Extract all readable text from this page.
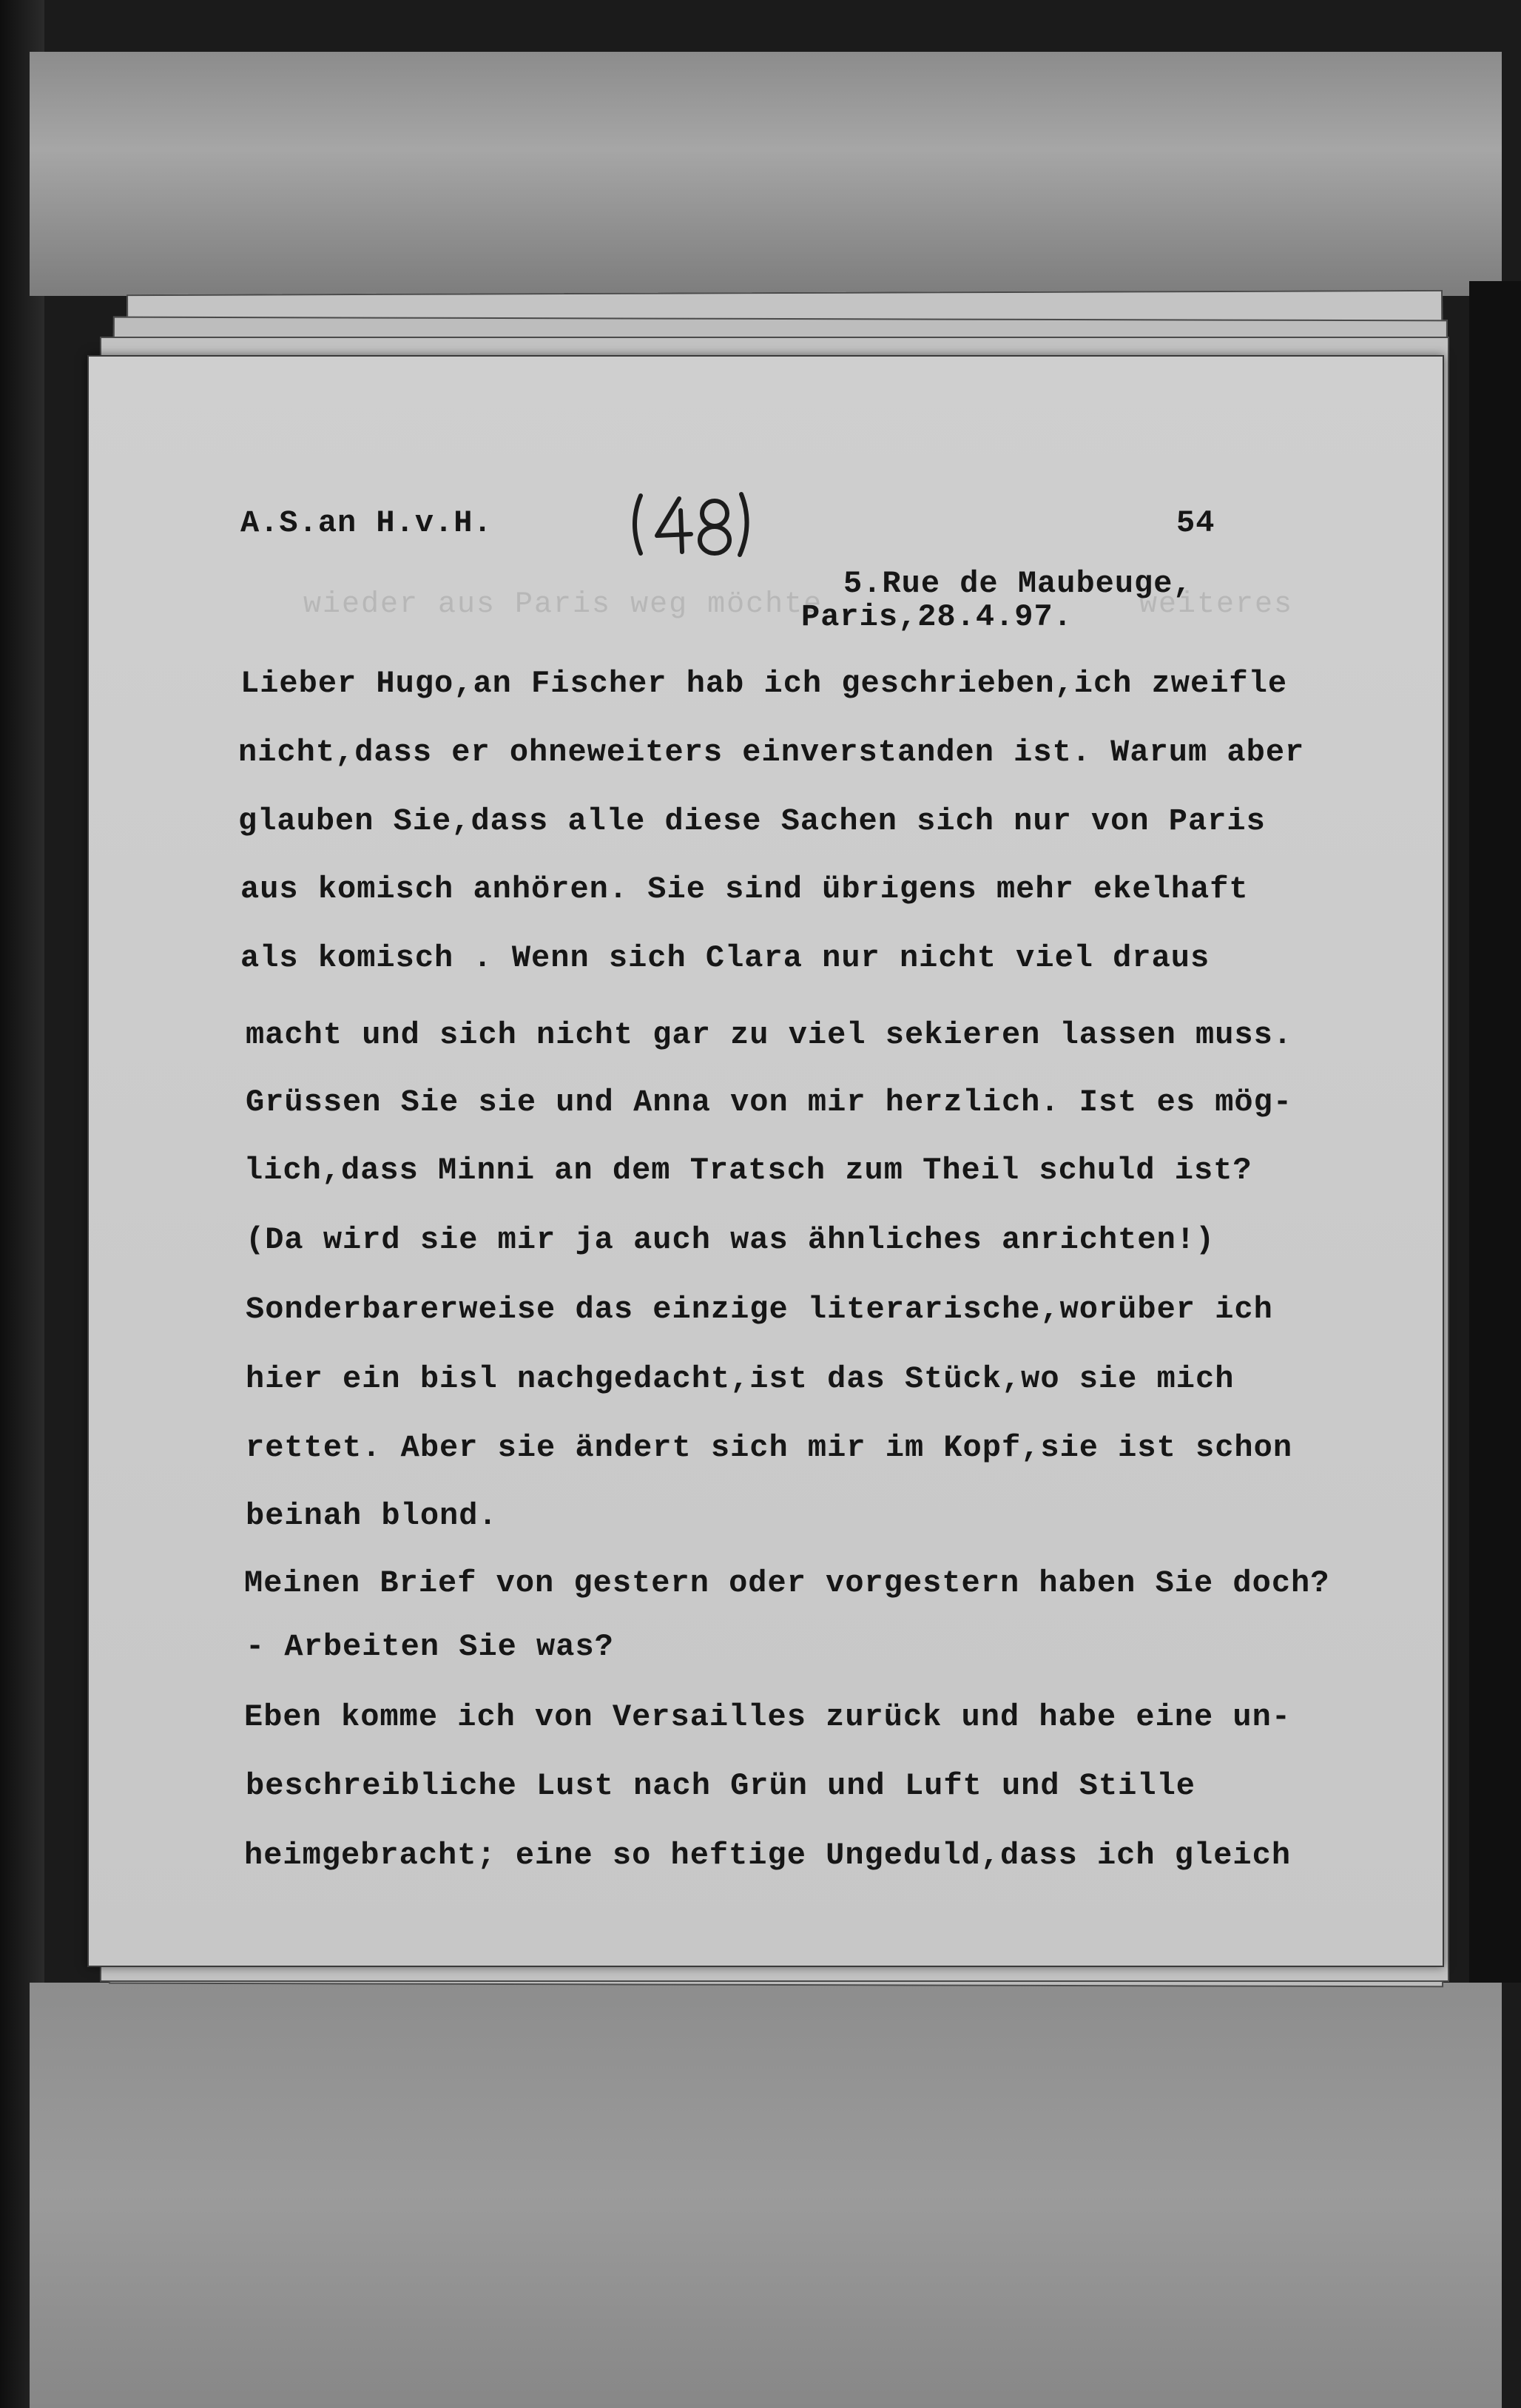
wieder aus Paris weg möchte	weiteres
A.S.an H.v.H.	54
5.Rue de Maubeuge,
Paris,28.4.97.
Lieber Hugo,an Fischer hab ich geschrieben,ich zweifle
nicht,dass er ohneweiters einverstanden ist. Warum aber
glauben Sie,dass alle diese Sachen sich nur von Paris
aus komisch anhören. Sie sind übrigens mehr ekelhaft
als komisch . Wenn sich Clara nur nicht viel draus
macht und sich nicht gar zu viel sekieren lassen muss.
Grüssen Sie sie und Anna von mir herzlich. Ist es mög-
lich,dass Minni an dem Tratsch zum Theil schuld ist?
(Da wird sie mir ja auch was ähnliches anrichten!)
Sonderbarerweise das einzige literarische,worüber ich
hier ein bisl nachgedacht,ist das Stück,wo sie mich
rettet. Aber sie ändert sich mir im Kopf,sie ist schon
beinah blond.
Meinen Brief von gestern oder vorgestern haben Sie doch?
- Arbeiten Sie was?
Eben komme ich von Versailles zurück und habe eine un-
beschreibliche Lust nach Grün und Luft und Stille
heimgebracht; eine so heftige Ungeduld,dass ich gleich
